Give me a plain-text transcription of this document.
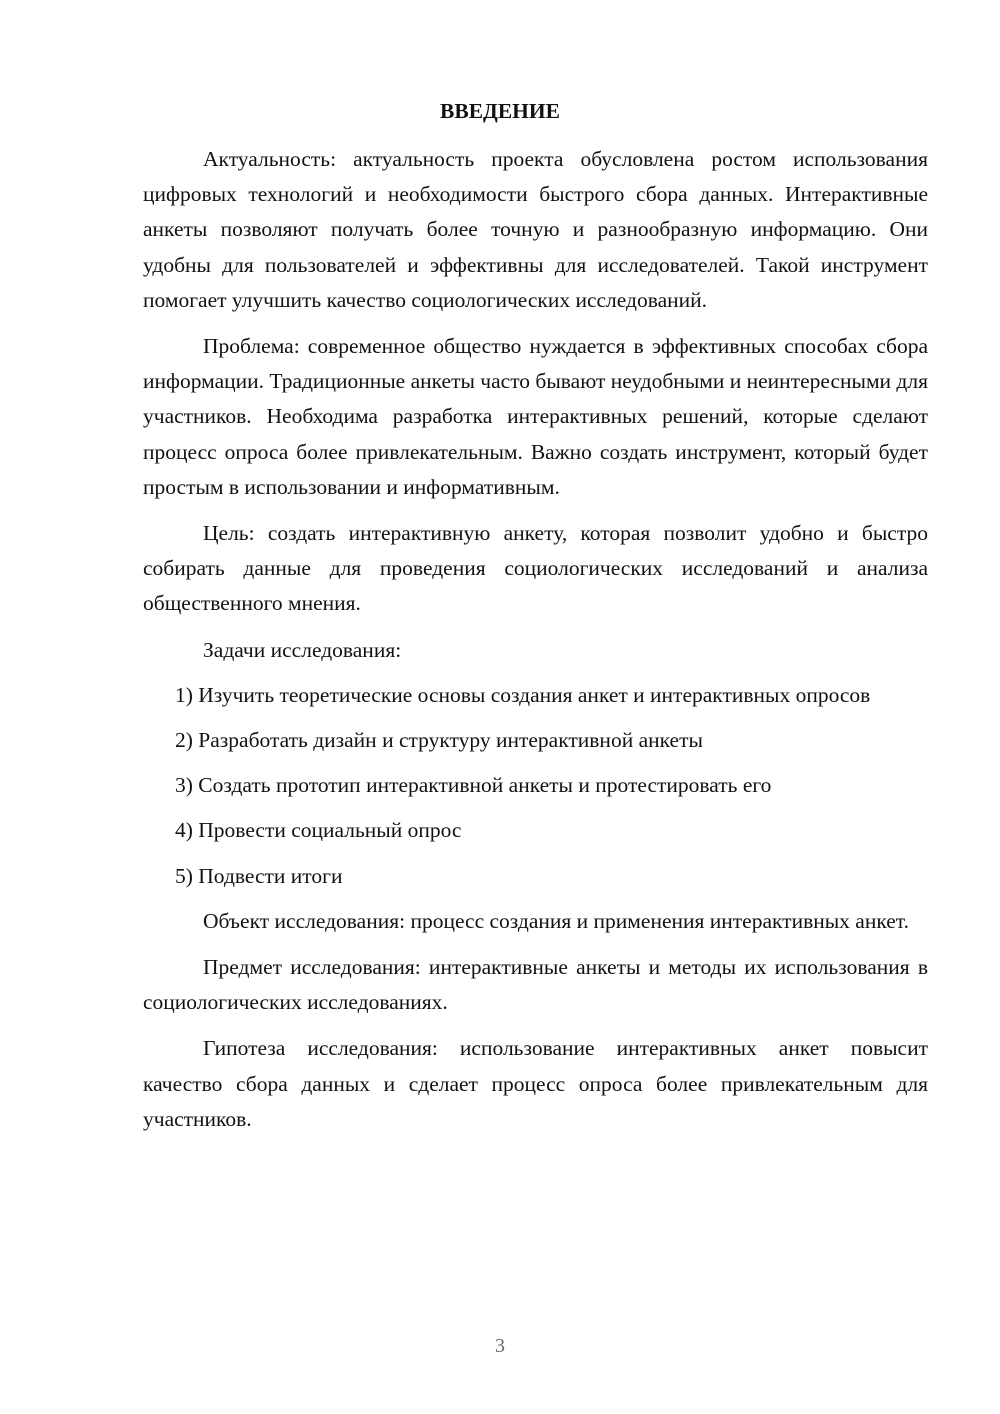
ВВЕДЕНИЕ

Актуальность: актуальность проекта обусловлена ростом использования цифровых технологий и необходимости быстрого сбора данных. Интерактивные анкеты позволяют получать более точную и разнообразную информацию. Они удобны для пользователей и эффективны для исследователей. Такой инструмент помогает улучшить качество социологических исследований.

Проблема: современное общество нуждается в эффективных способах сбора информации. Традиционные анкеты часто бывают неудобными и неинтересными для участников. Необходима разработка интерактивных решений, которые сделают процесс опроса более привлекательным. Важно создать инструмент, который будет простым в использовании и информативным.

Цель: создать интерактивную анкету, которая позволит удобно и быстро собирать данные для проведения социологических исследований и анализа общественного мнения.

Задачи исследования:

1) Изучить теоретические основы создания анкет и интерактивных опросов

2) Разработать дизайн и структуру интерактивной анкеты

3) Создать прототип интерактивной анкеты и протестировать его

4) Провести социальный опрос

5) Подвести итоги

Объект исследования: процесс создания и применения интерактивных анкет.

Предмет исследования: интерактивные анкеты и методы их использования в социологических исследованиях.

Гипотеза исследования: использование интерактивных анкет повысит качество сбора данных и сделает процесс опроса более привлекательным для участников.

3
